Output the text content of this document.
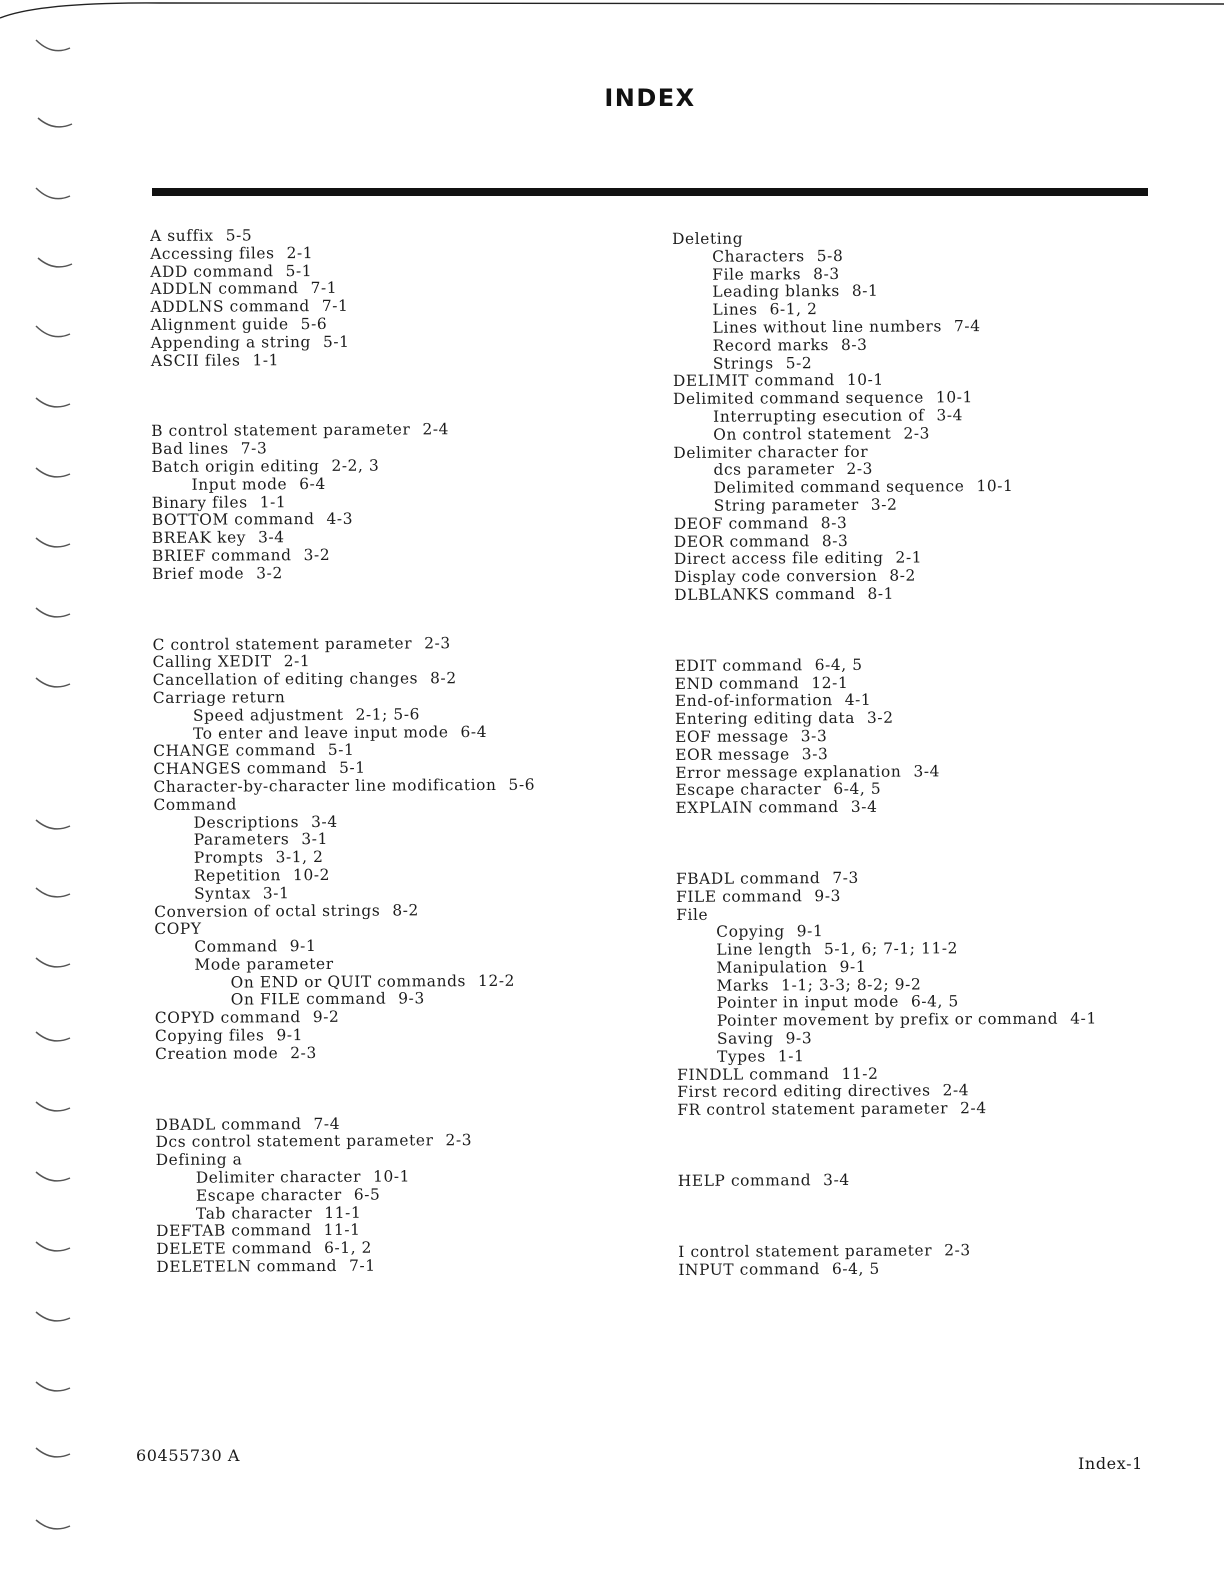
INDEX
A suffix 5-5
Accessing files 2-1
ADD command 5-1
ADDLN command 7-1
ADDLNS command 7-1
Alignment guide 5-6
Appending a string 5-1
ASCII files 1-1
B control statement parameter 2-4
Bad lines 7-3
Batch origin editing 2-2, 3
Input mode 6-4
Binary files 1-1
BOTTOM command 4-3
BREAK key 3-4
BRIEF command 3-2
Brief mode 3-2
C control statement parameter 2-3
Calling XEDIT 2-1
Cancellation of editing changes 8-2
Carriage return
Speed adjustment 2-1; 5-6
To enter and leave input mode 6-4
CHANGE command 5-1
CHANGES command 5-1
Character-by-character line modification 5-6
Command
Descriptions 3-4
Parameters 3-1
Prompts 3-1, 2
Repetition 10-2
Syntax 3-1
Conversion of octal strings 8-2
COPY
Command 9-1
Mode parameter
On END or QUIT commands 12-2
On FILE command 9-3
COPYD command 9-2
Copying files 9-1
Creation mode 2-3
DBADL command 7-4
Dcs control statement parameter 2-3
Defining a
Delimiter character 10-1
Escape character 6-5
Tab character 11-1
DEFTAB command 11-1
DELETE command 6-1, 2
DELETELN command 7-1
Deleting
Characters 5-8
File marks 8-3
Leading blanks 8-1
Lines 6-1, 2
Lines without line numbers 7-4
Record marks 8-3
Strings 5-2
DELIMIT command 10-1
Delimited command sequence 10-1
Interrupting esecution of 3-4
On control statement 2-3
Delimiter character for
dcs parameter 2-3
Delimited command sequence 10-1
String parameter 3-2
DEOF command 8-3
DEOR command 8-3
Direct access file editing 2-1
Display code conversion 8-2
DLBLANKS command 8-1
EDIT command 6-4, 5
END command 12-1
End-of-information 4-1
Entering editing data 3-2
EOF message 3-3
EOR message 3-3
Error message explanation 3-4
Escape character 6-4, 5
EXPLAIN command 3-4
FBADL command 7-3
FILE command 9-3
File
Copying 9-1
Line length 5-1, 6; 7-1; 11-2
Manipulation 9-1
Marks 1-1; 3-3; 8-2; 9-2
Pointer in input mode 6-4, 5
Pointer movement by prefix or command 4-1
Saving 9-3
Types 1-1
FINDLL command 11-2
First record editing directives 2-4
FR control statement parameter 2-4
HELP command 3-4
I control statement parameter 2-3
INPUT command 6-4, 5
60455730 A	Index-1
